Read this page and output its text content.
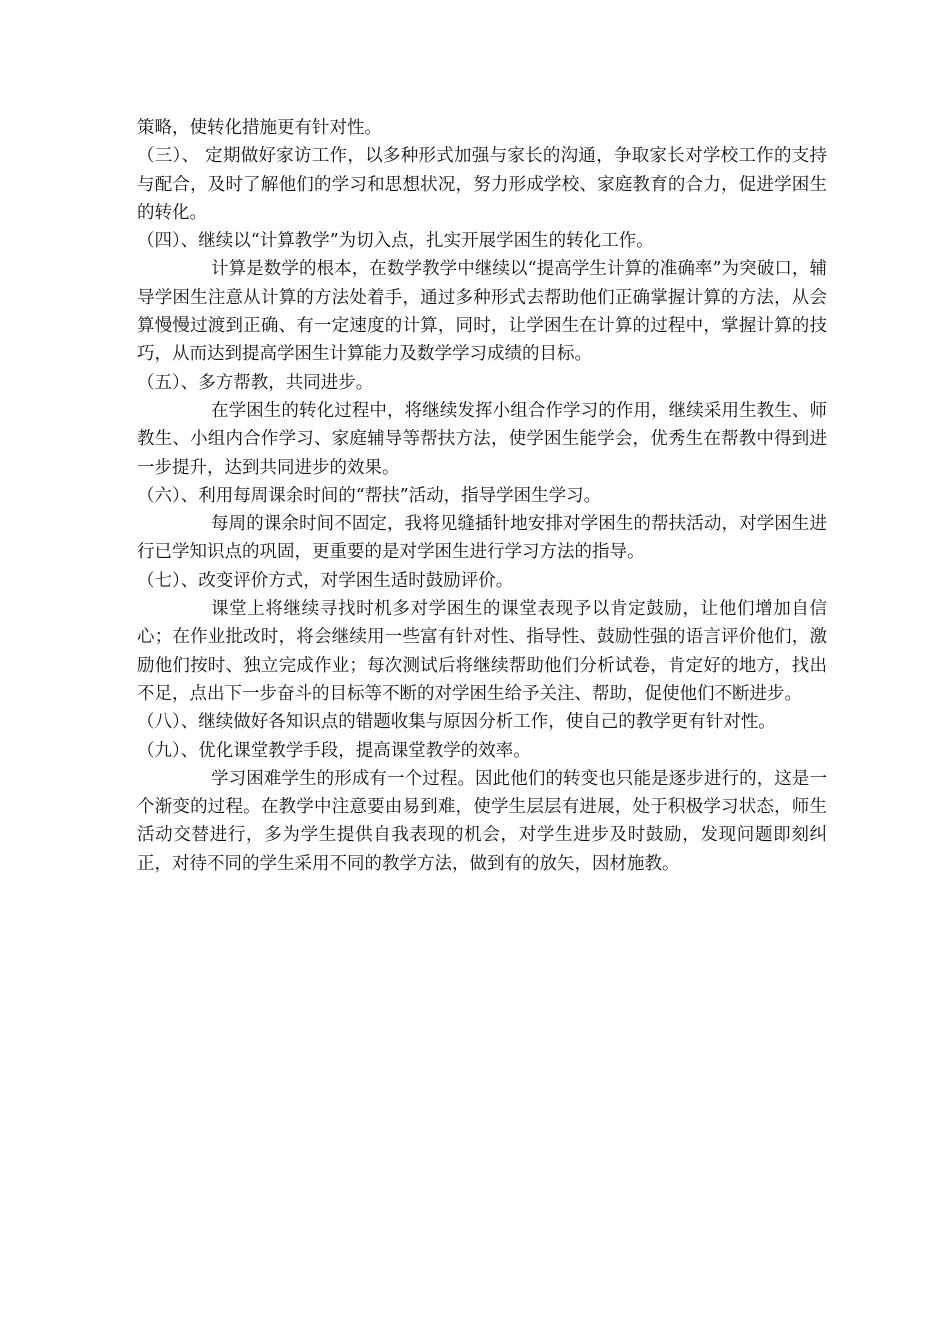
策略，使转化措施更有针对性。

（三）、 定期做好家访工作，以多种形式加强与家长的沟通，争取家长对学校工作的支持与配合，及时了解他们的学习和思想状况，努力形成学校、家庭教育的合力，促进学困生的转化。

（四）、继续以“计算教学”为切入点，扎实开展学困生的转化工作。

计算是数学的根本，在数学教学中继续以“提高学生计算的准确率”为突破口，辅导学困生注意从计算的方法处着手，通过多种形式去帮助他们正确掌握计算的方法，从会算慢慢过渡到正确、有一定速度的计算，同时，让学困生在计算的过程中，掌握计算的技巧，从而达到提高学困生计算能力及数学学习成绩的目标。

（五）、多方帮教，共同进步。

在学困生的转化过程中，将继续发挥小组合作学习的作用，继续采用生教生、师教生、小组内合作学习、家庭辅导等帮扶方法，使学困生能学会，优秀生在帮教中得到进一步提升，达到共同进步的效果。

（六）、利用每周课余时间的“帮扶”活动，指导学困生学习。

每周的课余时间不固定，我将见缝插针地安排对学困生的帮扶活动，对学困生进行已学知识点的巩固，更重要的是对学困生进行学习方法的指导。

（七）、改变评价方式，对学困生适时鼓励评价。

课堂上将继续寻找时机多对学困生的课堂表现予以肯定鼓励，让他们增加自信心；在作业批改时，将会继续用一些富有针对性、指导性、鼓励性强的语言评价他们，激励他们按时、独立完成作业；每次测试后将继续帮助他们分析试卷，肯定好的地方，找出不足，点出下一步奋斗的目标等不断的对学困生给予关注、帮助，促使他们不断进步。

（八）、继续做好各知识点的错题收集与原因分析工作，使自己的教学更有针对性。

（九）、优化课堂教学手段，提高课堂教学的效率。

学习困难学生的形成有一个过程。因此他们的转变也只能是逐步进行的，这是一个渐变的过程。在教学中注意要由易到难，使学生层层有进展，处于积极学习状态，师生活动交替进行，多为学生提供自我表现的机会，对学生进步及时鼓励，发现问题即刻纠正，对待不同的学生采用不同的教学方法，做到有的放矢，因材施教。
